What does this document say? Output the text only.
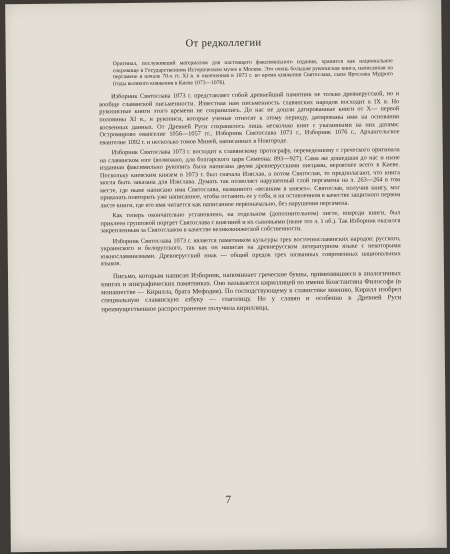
От редколлегии

Оригинал, послуживший материалом для настоящего факсимильного издания, хранится как национальное сокровище в Государственном Историческом музее в Москве. Это очень большая рукописная книга, написанная на пергамене в начале 70-х гг. XI в. и оконченная в 1073 г. во время княжения Святослава, сына Ярослава Мудрого (годы великого княжения в Киеве 1073—1076).

Изборник Святослава 1073 г. представляет собой древнейший памятник не только древнерусской, но и вообще славянской письменности. Известная нам письменность славянских народов восходит к IX в. Но рукописные книги этого времени не сохранились. До нас не дошли датированные книги от X— первой половины XI в., и рукописи, которые ученые относят к этому периоду, датированы ими на основании косвенных данных. От Древней Руси сохранилось лишь несколько книг с указанными на них датами: Остромирово евангелие 1056—1057 гг., Изборник Святослава 1073 г., Изборник 1076 г., Архангельское евангелие 1092 г. и несколько томов Миней, написанных в Новгороде.

Изборник Святослава 1073 г. восходит к славянскому протографу, переведенному с греческого оригинала на славянском юге (возможно, для болгарского царя Симеона: 893—927). Сама же дошедшая до нас и ныне изданная факсимильно рукопись была написана двумя древнерусскими писцами, вероятнее всего в Киеве. Поскольку киевским князем в 1073 г. был сначала Изяслав, а потом Святослав, то предполагают, что книга могла быть заказана для Изяслава. Думать так позволяет нарушенный слой пергамена на л. 263—264 в том месте, где ныне написано имя Святослава, названного «великим в князех». Святослав, получив книгу, мог приказать повторить уже написанное, чтобы оставить ее у себя, и на оставленном в качестве защитного первом листе книги, где его имя читается как написанное первоначально, без нарушения пергамена.

Как теперь окончательно установлено, на отдельном (дополнительном) листе, впереди книги, был приклеен групповой портрет Святослава с княгиней и их сыновьями (ныне это л. 1 об.). Так Изборник оказался закрепленным за Святославом в качестве великокняжеской собственности.

Изборник Святослава 1073 г. является памятником культуры трех восточнославянских народов: русского, украинского и белорусского, так как он написан на древнерусском литературном языке с некоторыми южнославянизмами. Древнерусский язык — общий предок трех названных современных национальных языков.

Письмо, которым написан Изборник, напоминает греческие буквы, применявшиеся в аналогичных книгах и эпиграфических памятниках. Оно называется кириллицей по имени Константина Философа (в монашестве — Кирилла, брата Мефодия). По господствующему в славистике мнению, Кирилл изобрел специальную славянскую азбуку — глаголицу. Но у славян и особенно в Древней Руси преимущественное распространение получила кириллица,

7
